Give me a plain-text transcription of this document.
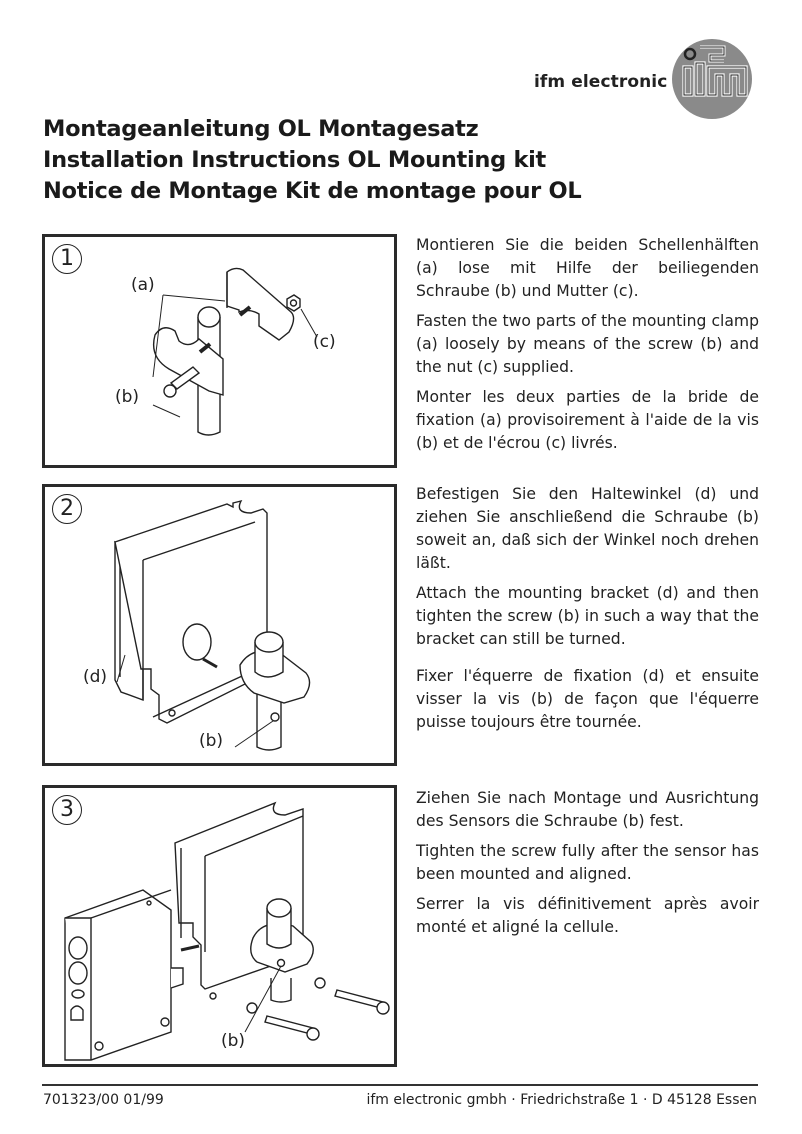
ifm electronic
Montageanleitung OL Montagesatz
Installation Instructions OL Mounting kit
Notice de Montage Kit de montage pour OL
1
(a)
(b)
(c)
2
(d)
(b)
3
(b)

Montieren Sie die beiden Schellenhälften (a) lose mit Hilfe der beiliegenden Schraube (b) und Mutter (c).

Fasten the two parts of the mounting clamp (a) loosely by means of the screw (b) and the nut (c) supplied.

Monter les deux parties de la bride de fixation (a) provisoirement à l'aide de la vis (b) et de l'écrou (c) livrés.

Befestigen Sie den Haltewinkel (d) und ziehen Sie anschließend die Schraube (b) soweit an, daß sich der Winkel noch drehen läßt.

Attach the mounting bracket (d) and then tighten the screw (b) in such a way that the bracket can still be turned.

Fixer l'équerre de fixation (d) et ensuite visser la vis (b) de façon que l'équerre puisse toujours être tournée.

Ziehen Sie nach Montage und Ausrichtung des Sensors die Schraube (b) fest.

Tighten the screw fully after the sensor has been mounted and aligned.

Serrer la vis définitivement après avoir monté et aligné la cellule.

701323/00 01/99	ifm electronic gmbh · Friedrichstraße 1 · D 45128 Essen
